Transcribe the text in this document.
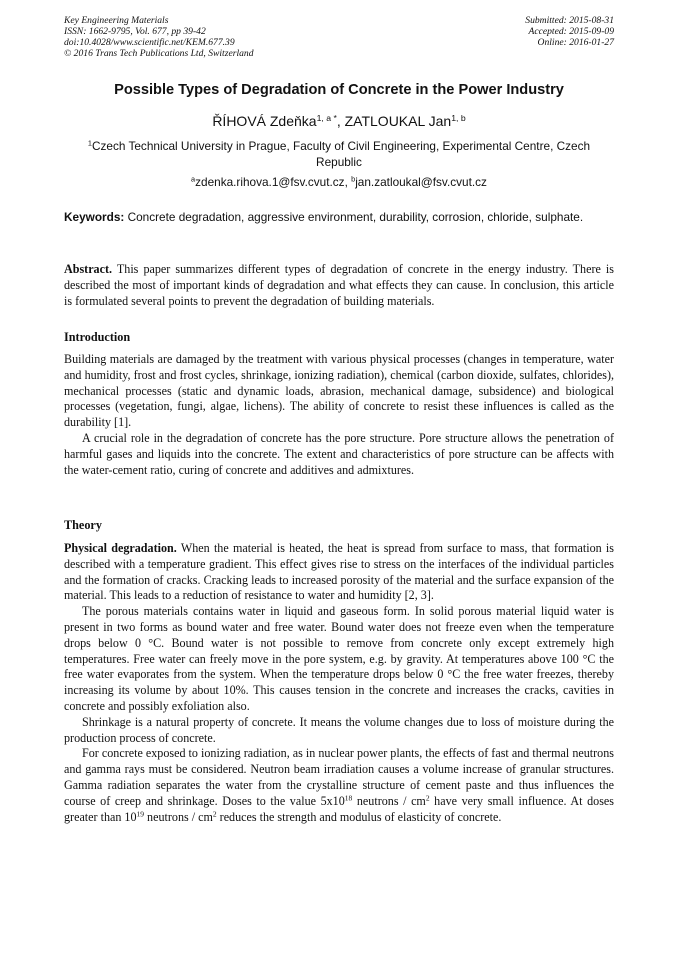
Key Engineering Materials
ISSN: 1662-9795, Vol. 677, pp 39-42
doi:10.4028/www.scientific.net/KEM.677.39
© 2016 Trans Tech Publications Ltd, Switzerland
Submitted: 2015-08-31
Accepted: 2015-09-09
Online: 2016-01-27
Possible Types of Degradation of Concrete in the Power Industry
ŘÍHOVÁ Zdeňka$^{1, a *}$, ZATLOUKAL Jan$^{1, b}$
$^1$Czech Technical University in Prague, Faculty of Civil Engineering, Experimental Centre, Czech Republic
$^a$zdenka.rihova.1@fsv.cvut.cz, $^b$jan.zatloukal@fsv.cvut.cz
Keywords: Concrete degradation, aggressive environment, durability, corrosion, chloride, sulphate.
Abstract. This paper summarizes different types of degradation of concrete in the energy industry. There is described the most of important kinds of degradation and what effects they can cause. In conclusion, this article is formulated several points to prevent the degradation of building materials.
Introduction

Building materials are damaged by the treatment with various physical processes (changes in temperature, water and humidity, frost and frost cycles, shrinkage, ionizing radiation), chemical (carbon dioxide, sulfates, chlorides), mechanical processes (static and dynamic loads, abrasion, mechanical damage, subsidence) and biological processes (vegetation, fungi, algae, lichens). The ability of concrete to resist these influences is called as the durability [1].

A crucial role in the degradation of concrete has the pore structure. Pore structure allows the penetration of harmful gases and liquids into the concrete. The extent and characteristics of pore structure can be affects with the water-cement ratio, curing of concrete and additives and admixtures.

Theory

Physical degradation. When the material is heated, the heat is spread from surface to mass, that formation is described with a temperature gradient. This effect gives rise to stress on the interfaces of the individual particles and the formation of cracks. Cracking leads to increased porosity of the material and the surface expansion of the material. This leads to a reduction of resistance to water and humidity [2, 3].

The porous materials contains water in liquid and gaseous form. In solid porous material liquid water is present in two forms as bound water and free water. Bound water does not freeze even when the temperature drops below 0 °C. Bound water is not possible to remove from concrete only except extremely high temperatures. Free water can freely move in the pore system, e.g. by gravity. At temperatures above 100 °C the free water evaporates from the system. When the temperature drops below 0 °C the free water freezes, thereby increasing its volume by about 10%. This causes tension in the concrete and increases the cracks, cavities in concrete and possibly exfoliation also.

Shrinkage is a natural property of concrete. It means the volume changes due to loss of moisture during the production process of concrete.

For concrete exposed to ionizing radiation, as in nuclear power plants, the effects of fast and thermal neutrons and gamma rays must be considered. Neutron beam irradiation causes a volume increase of granular structures. Gamma radiation separates the water from the crystalline structure of cement paste and thus influences the course of creep and shrinkage. Doses to the value $5x10^{18}$ neutrons / $cm^2$ have very small influence. At doses greater than $10^{19}$ neutrons / $cm^2$ reduces the strength and modulus of elasticity of concrete.
